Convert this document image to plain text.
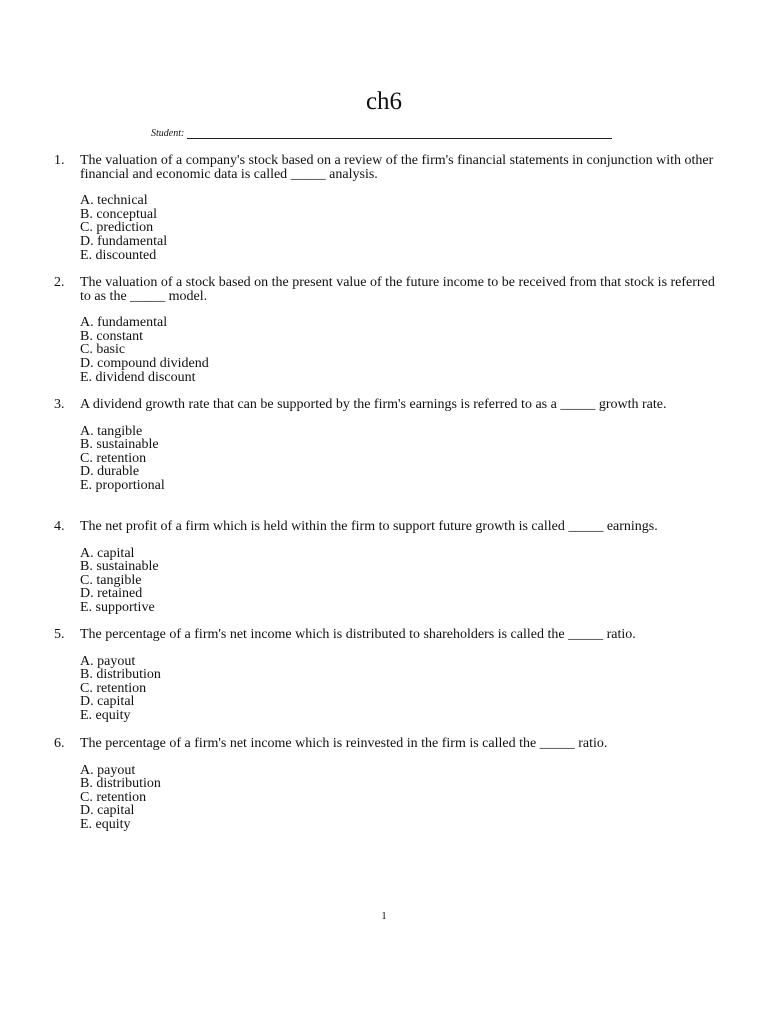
ch6
Student:
1.	The valuation of a company's stock based on a review of the firm's financial statements in conjunction with other financial and economic data is called _____ analysis.
A. technical
B. conceptual
C. prediction
D. fundamental
E. discounted
2.	The valuation of a stock based on the present value of the future income to be received from that stock is referred to as the _____ model.
A. fundamental
B. constant
C. basic
D. compound dividend
E. dividend discount
3.	A dividend growth rate that can be supported by the firm's earnings is referred to as a _____ growth rate.
A. tangible
B. sustainable
C. retention
D. durable
E. proportional
4.	The net profit of a firm which is held within the firm to support future growth is called _____ earnings.
A. capital
B. sustainable
C. tangible
D. retained
E. supportive
5.	The percentage of a firm's net income which is distributed to shareholders is called the _____ ratio.
A. payout
B. distribution
C. retention
D. capital
E. equity
6.	The percentage of a firm's net income which is reinvested in the firm is called the _____ ratio.
A. payout
B. distribution
C. retention
D. capital
E. equity
1
